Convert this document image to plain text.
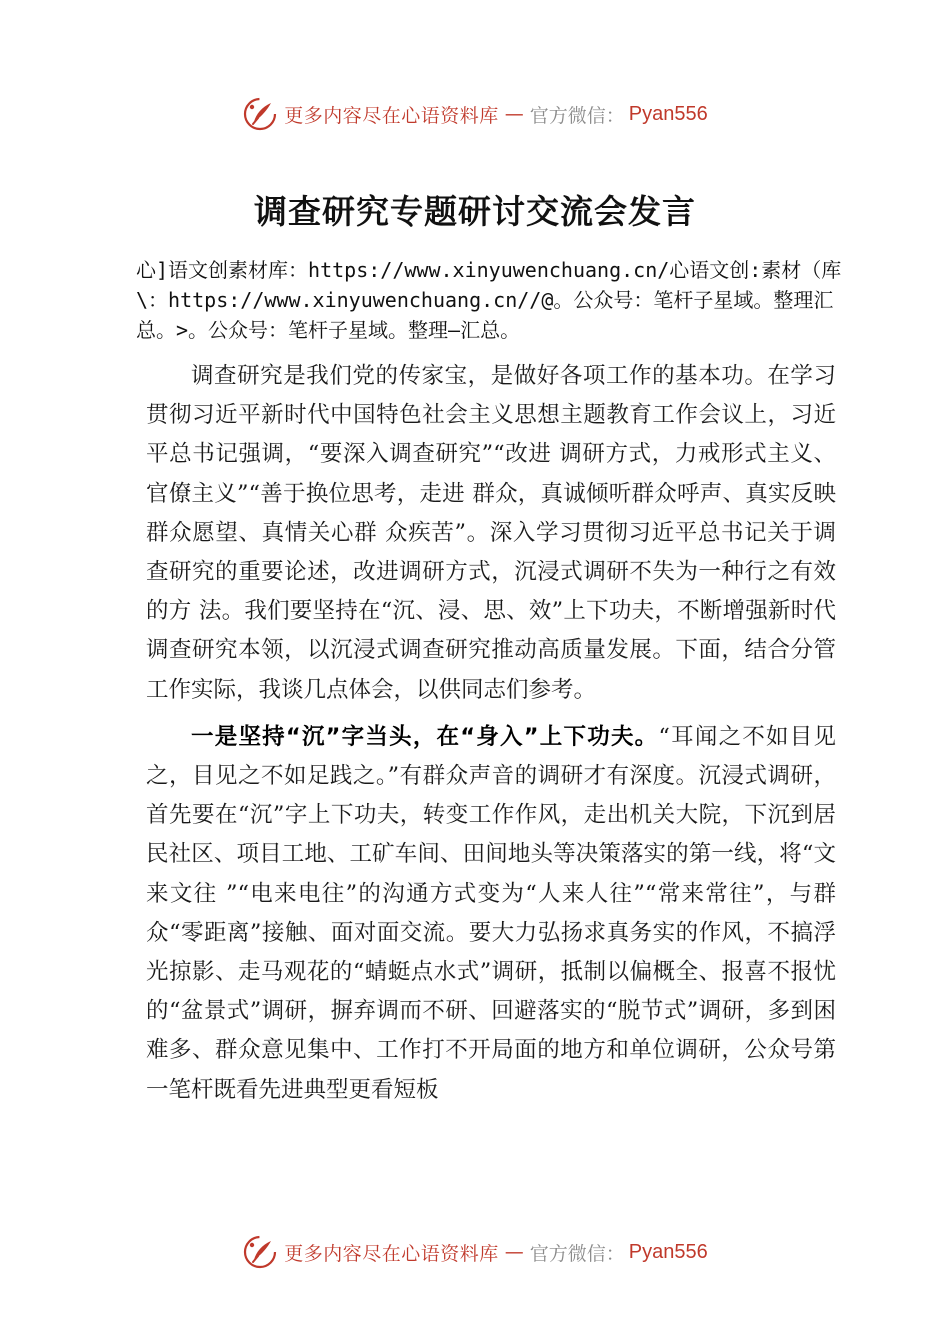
更多内容尽在心语资料库 — 官方微信： Pyan556
调查研究专题研讨交流会发言
心]语文创素材库：https://www.xinyuwenchuang.cn/心语文创:素材（库\：https://www.xinyuwenchuang.cn//@。公众号：笔杆子星域。整理汇总。>。公众号：笔杆子星域。整理—汇总。

调查研究是我们党的传家宝，是做好各项工作的基本功。在学习贯彻习近平新时代中国特色社会主义思想主题教育工作会议上，习近平总书记强调，“要深入调查研究”“改进 调研方式，力戒形式主义、官僚主义”“善于换位思考，走进 群众，真诚倾听群众呼声、真实反映群众愿望、真情关心群 众疾苦”。深入学习贯彻习近平总书记关于调查研究的重要论述，改进调研方式，沉浸式调研不失为一种行之有效的方 法。我们要坚持在“沉、浸、思、效”上下功夫，不断增强新时代调查研究本领，以沉浸式调查研究推动高质量发展。下面，结合分管工作实际，我谈几点体会，以供同志们参考。

一是坚持“沉”字当头，在“身入”上下功夫。“耳闻之不如目见之，目见之不如足践之。”有群众声音的调研才有深度。沉浸式调研，首先要在“沉”字上下功夫，转变工作作风，走出机关大院，下沉到居民社区、项目工地、工矿车间、田间地头等决策落实的第一线，将“文来文往 ”“电来电往”的沟通方式变为“人来人往”“常来常往”，与群众“零距离”接触、面对面交流。要大力弘扬求真务实的作风，不搞浮光掠影、走马观花的“蜻蜓点水式”调研，抵制以偏概全、报喜不报忧的“盆景式”调研，摒弃调而不研、回避落实的“脱节式”调研，多到困难多、群众意见集中、工作打不开局面的地方和单位调研，公众号第一笔杆既看先进典型更看短板

更多内容尽在心语资料库 — 官方微信： Pyan556
